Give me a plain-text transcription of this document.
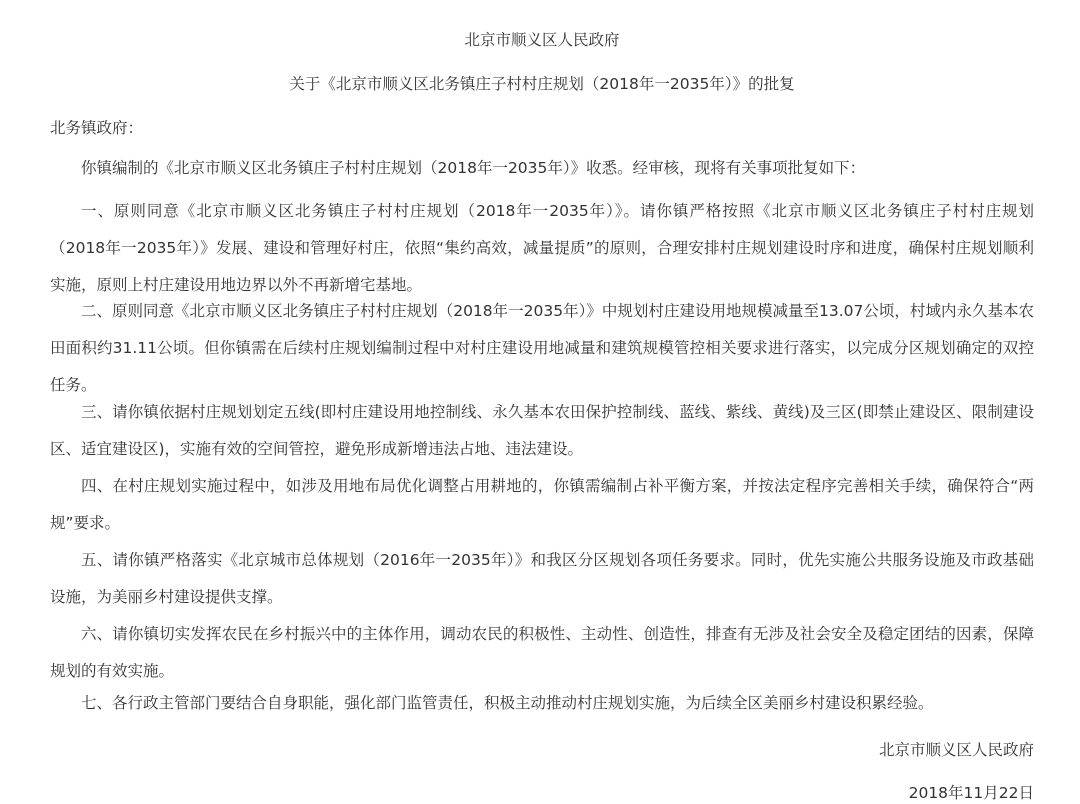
北京市顺义区人民政府
关于《北京市顺义区北务镇庄子村村庄规划（2018年一2035年）》的批复
北务镇政府：

你镇编制的《北京市顺义区北务镇庄子村村庄规划（2018年一2035年）》收悉。经审核，现将有关事项批复如下：

一、原则同意《北京市顺义区北务镇庄子村村庄规划（2018年一2035年）》。请你镇严格按照《北京市顺义区北务镇庄子村村庄规划（2018年一2035年）》发展、建设和管理好村庄，依照“集约高效，减量提质”的原则，合理安排村庄规划建设时序和进度，确保村庄规划顺利实施，原则上村庄建设用地边界以外不再新增宅基地。

二、原则同意《北京市顺义区北务镇庄子村村庄规划（2018年一2035年）》中规划村庄建设用地规模减量至13.07公顷，村域内永久基本农田面积约31.11公顷。但你镇需在后续村庄规划编制过程中对村庄建设用地减量和建筑规模管控相关要求进行落实，以完成分区规划确定的双控任务。

三、请你镇依据村庄规划划定五线(即村庄建设用地控制线、永久基本农田保护控制线、蓝线、紫线、黄线)及三区(即禁止建设区、限制建设区、适宜建设区)，实施有效的空间管控，避免形成新增违法占地、违法建设。

四、在村庄规划实施过程中，如涉及用地布局优化调整占用耕地的，你镇需编制占补平衡方案，并按法定程序完善相关手续，确保符合“两规”要求。

五、请你镇严格落实《北京城市总体规划（2016年一2035年）》和我区分区规划各项任务要求。同时，优先实施公共服务设施及市政基础设施，为美丽乡村建设提供支撑。

六、请你镇切实发挥农民在乡村振兴中的主体作用，调动农民的积极性、主动性、创造性，排查有无涉及社会安全及稳定团结的因素，保障规划的有效实施。

七、各行政主管部门要结合自身职能，强化部门监管责任，积极主动推动村庄规划实施，为后续全区美丽乡村建设积累经验。

北京市顺义区人民政府
2018年11月22日
